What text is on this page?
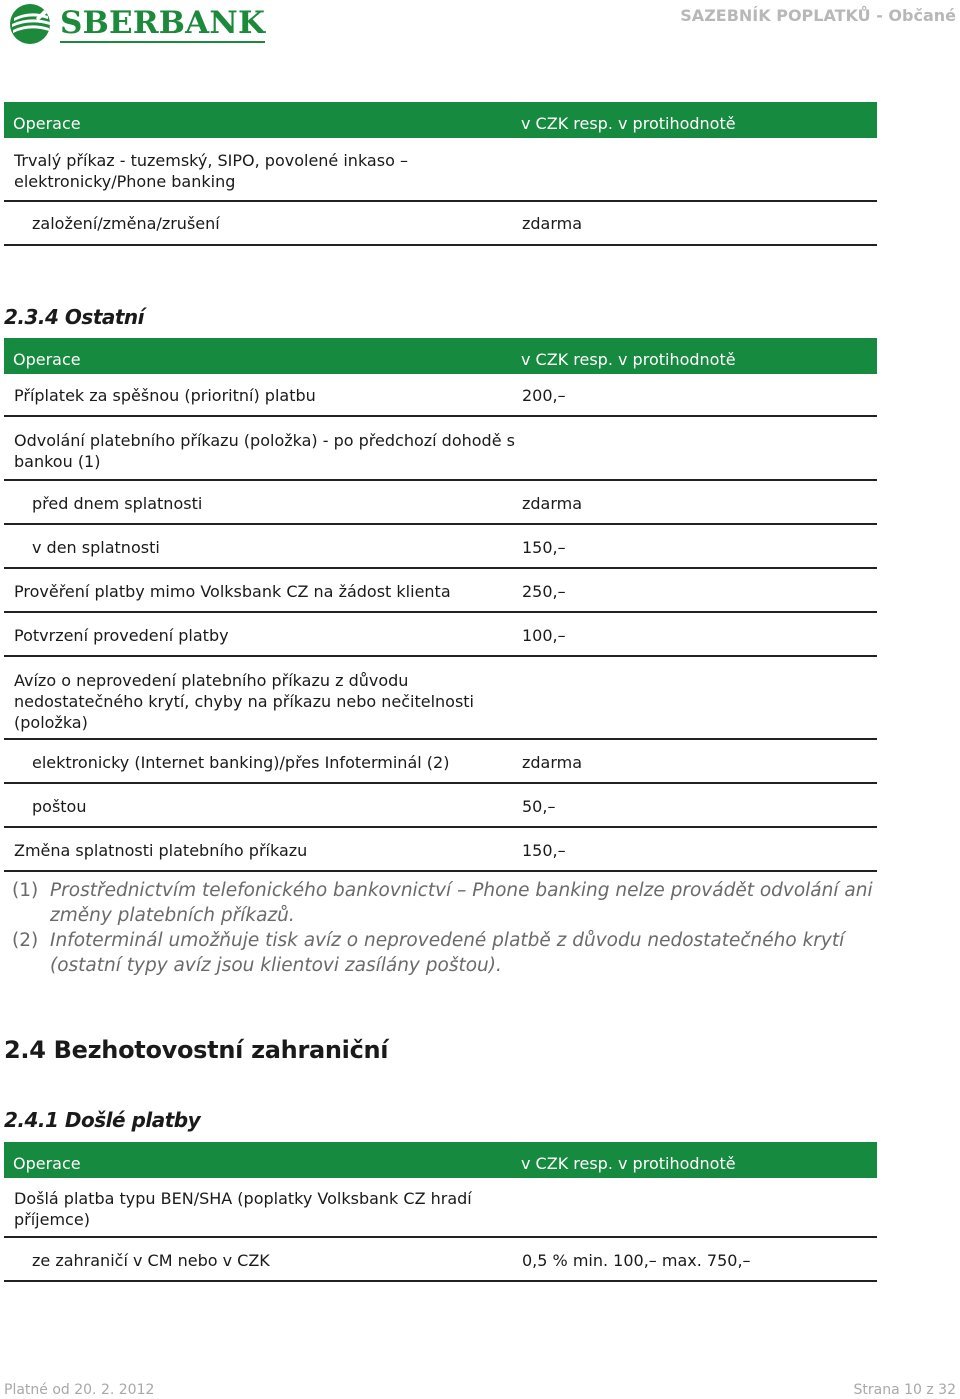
SBERBANK	SAZEBNÍK POPLATKŮ - Občané
Operace	v CZK resp. v protihodnotě
Trvalý příkaz - tuzemský, SIPO, povolené inkaso –
elektronicky/Phone banking
založení/změna/zrušení	zdarma
2.3.4 Ostatní
Operace	v CZK resp. v protihodnotě
Příplatek za spěšnou (prioritní) platbu	200,–
Odvolání platebního příkazu (položka) - po předchozí dohodě s
bankou (1)
před dnem splatnosti	zdarma
v den splatnosti	150,–
Prověření platby mimo Volksbank CZ na žádost klienta	250,–
Potvrzení provedení platby	100,–
Avízo o neprovedení platebního příkazu z důvodu
nedostatečného krytí, chyby na příkazu nebo nečitelnosti
(položka)
elektronicky (Internet banking)/přes Infoterminál (2)	zdarma
poštou	50,–
Změna splatnosti platebního příkazu	150,–
(1) Prostřednictvím telefonického bankovnictví – Phone banking nelze provádět odvolání ani změny platebních příkazů.
(2) Infoterminál umožňuje tisk avíz o neprovedené platbě z důvodu nedostatečného krytí (ostatní typy avíz jsou klientovi zasílány poštou).
2.4 Bezhotovostní zahraniční
2.4.1 Došlé platby
Operace	v CZK resp. v protihodnotě
Došlá platba typu BEN/SHA (poplatky Volksbank CZ hradí
příjemce)
ze zahraničí v CM nebo v CZK	0,5 % min. 100,– max. 750,–
Platné od 20. 2. 2012	Strana 10 z 32
